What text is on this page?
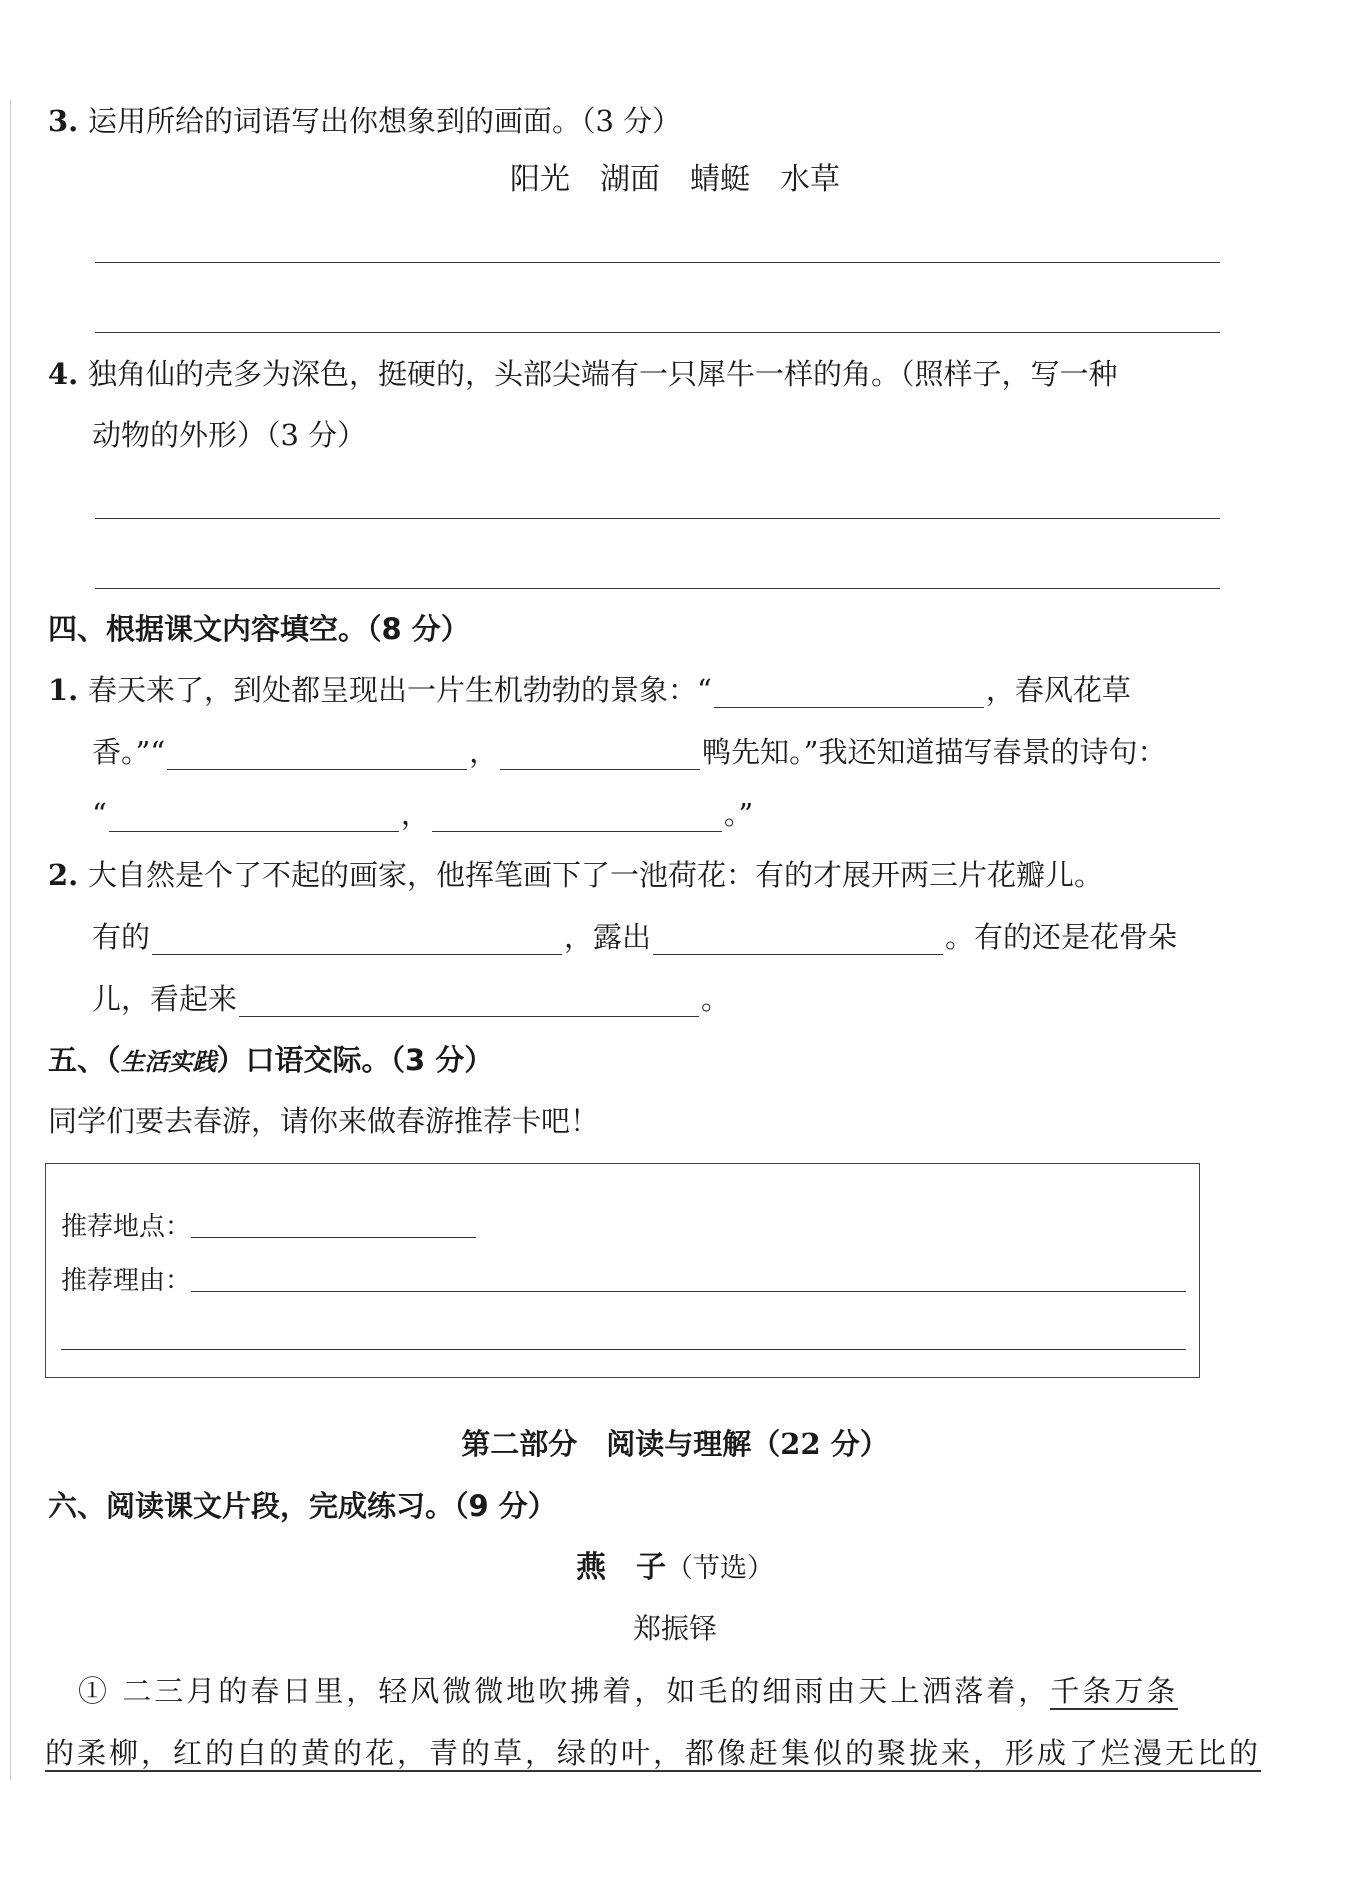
3. 运用所给的词语写出你想象到的画面。（3 分）
阳光　湖面　蜻蜓　水草
4. 独角仙的壳多为深色，挺硬的，头部尖端有一只犀牛一样的角。（照样子，写一种
动物的外形）（3 分）
四、根据课文内容填空。（8 分）
1. 春天来了，到处都呈现出一片生机勃勃的景象：“	，春风花草
香。”“	，	鸭先知。”我还知道描写春景的诗句：
“	，	。”
2. 大自然是个了不起的画家，他挥笔画下了一池荷花：有的才展开两三片花瓣儿。
有的	，露出	。有的还是花骨朵
儿，看起来	。
五、（生活实践）口语交际。（3 分）
同学们要去春游，请你来做春游推荐卡吧！
推荐地点：
推荐理由：
第二部分　阅读与理解（22 分）
六、阅读课文片段，完成练习。（9 分）
燕　子（节选）
郑振铎
① 二三月的春日里，轻风微微地吹拂着，如毛的细雨由天上洒落着，千条万条
的柔柳，红的白的黄的花，青的草，绿的叶，都像赶集似的聚拢来，形成了烂漫无比的
